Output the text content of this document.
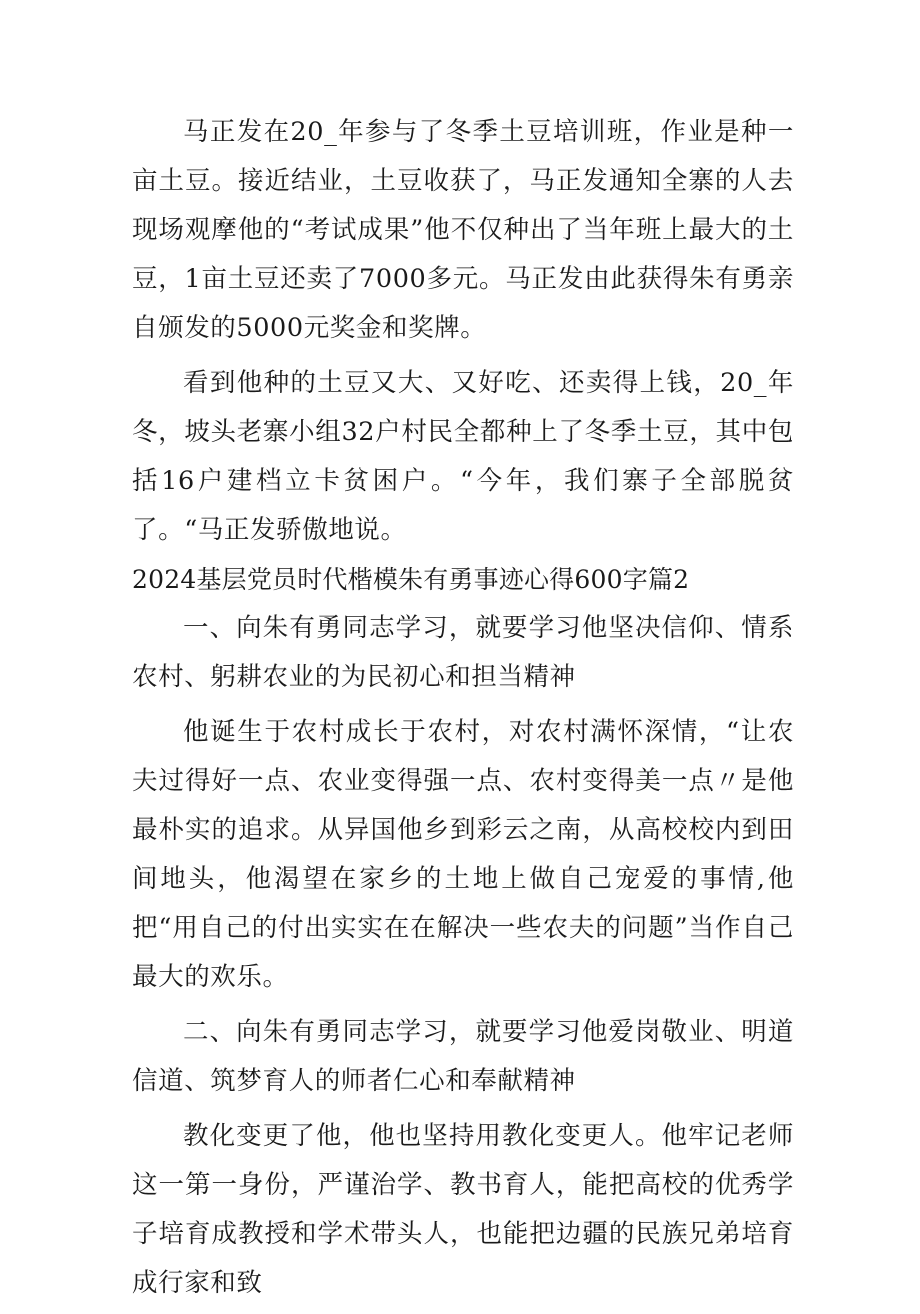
马正发在20_年参与了冬季土豆培训班，作业是种一亩土豆。接近结业，土豆收获了，马正发通知全寨的人去现场观摩他的“考试成果”他不仅种出了当年班上最大的土豆，1亩土豆还卖了7000多元。马正发由此获得朱有勇亲自颁发的5000元奖金和奖牌。

看到他种的土豆又大、又好吃、还卖得上钱，20_年冬，坡头老寨小组32户村民全都种上了冬季土豆，其中包括16户建档立卡贫困户。“今年，我们寨子全部脱贫了。“马正发骄傲地说。

2024基层党员时代楷模朱有勇事迹心得600字篇2

一、向朱有勇同志学习，就要学习他坚决信仰、情系农村、躬耕农业的为民初心和担当精神

他诞生于农村成长于农村，对农村满怀深情，“让农夫过得好一点、农业变得强一点、农村变得美一点〃是他最朴实的追求。从异国他乡到彩云之南，从高校校内到田间地头，他渴望在家乡的土地上做自己宠爱的事情,他把“用自己的付出实实在在解决一些农夫的问题”当作自己最大的欢乐。

二、向朱有勇同志学习，就要学习他爱岗敬业、明道信道、筑梦育人的师者仁心和奉献精神

教化变更了他，他也坚持用教化变更人。他牢记老师这一第一身份，严谨治学、教书育人，能把高校的优秀学子培育成教授和学术带头人，也能把边疆的民族兄弟培育成行家和致
